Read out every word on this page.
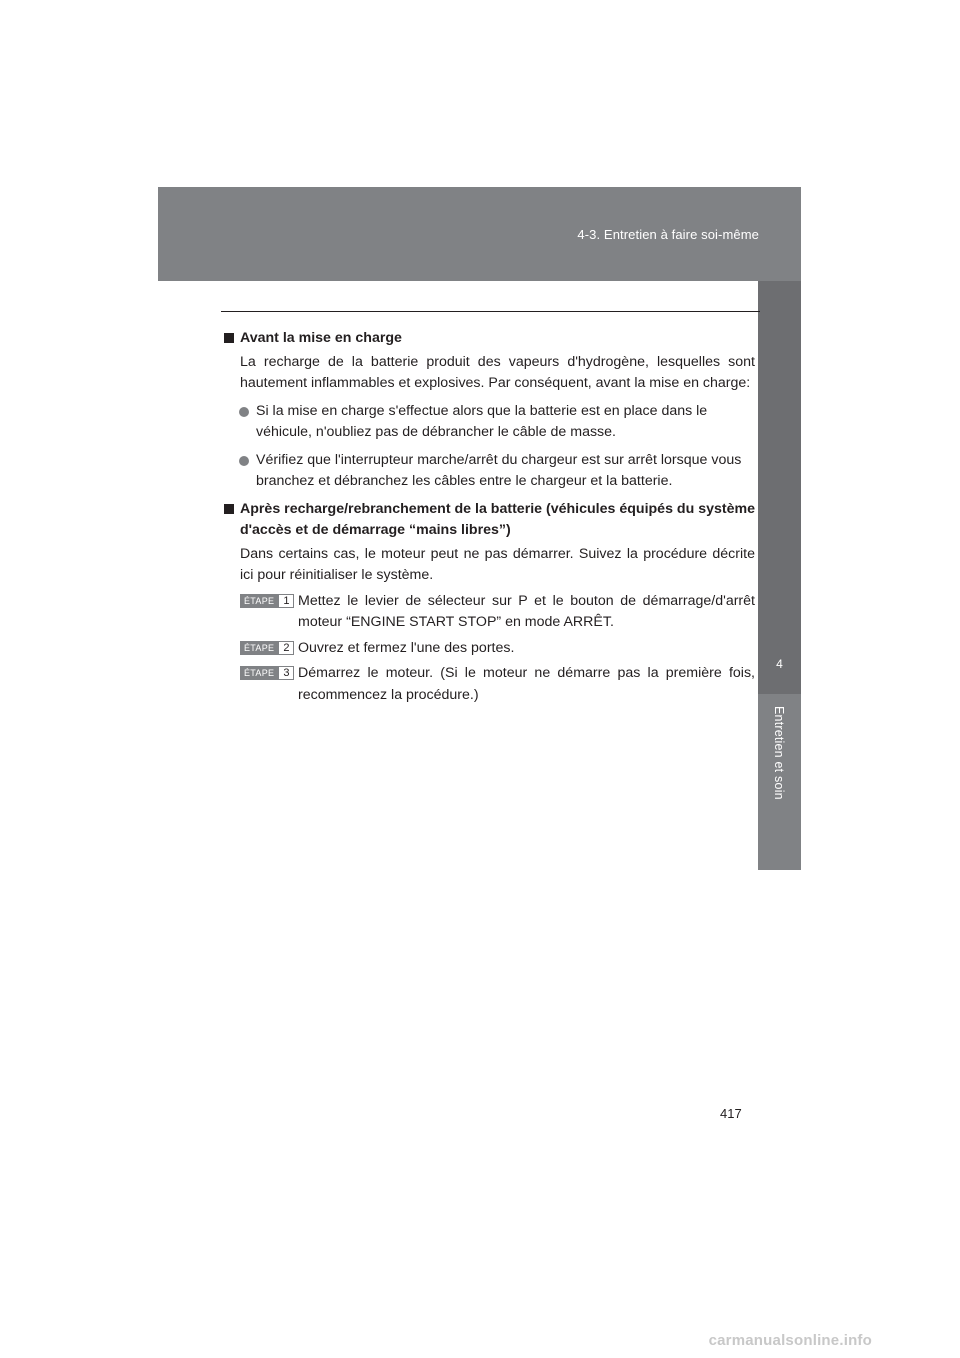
4-3. Entretien à faire soi-même
4
Entretien et soin
Avant la mise en charge
La recharge de la batterie produit des vapeurs d'hydrogène, lesquelles sont hautement inflammables et explosives. Par conséquent, avant la mise en charge:
Si la mise en charge s'effectue alors que la batterie est en place dans le véhicule, n'oubliez pas de débrancher le câble de masse.
Vérifiez que l'interrupteur marche/arrêt du chargeur est sur arrêt lorsque vous branchez et débranchez les câbles entre le chargeur et la batterie.
Après recharge/rebranchement de la batterie (véhicules équipés du système d'accès et de démarrage “mains libres”)
Dans certains cas, le moteur peut ne pas démarrer. Suivez la procédure décrite ici pour réinitialiser le système.
ÉTAPE 1 Mettez le levier de sélecteur sur P et le bouton de démarrage/d'arrêt moteur “ENGINE START STOP” en mode ARRÊT.
ÉTAPE 2 Ouvrez et fermez l'une des portes.
ÉTAPE 3 Démarrez le moteur. (Si le moteur ne démarre pas la première fois, recommencez la procédure.)
417
carmanualsonline.info
